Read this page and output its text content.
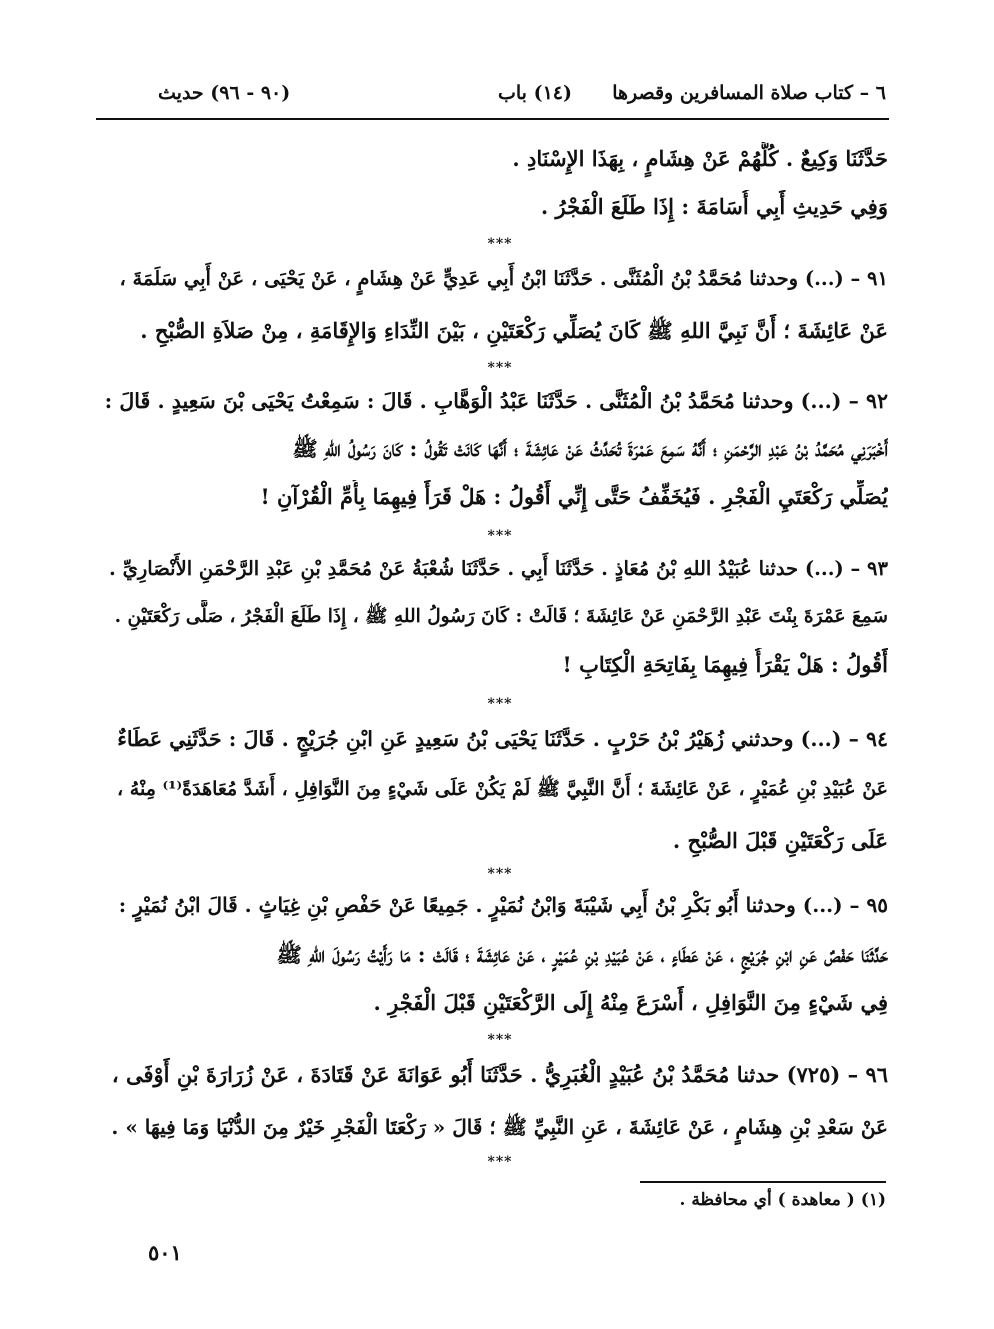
٦ – كتاب صلاة المسافرين وقصرها
(١٤) باب
(٩٠ - ٩٦) حديث
حَدَّثَنَا وَكِيعٌ . كُلُّهُمْ عَنْ هِشَامٍ ، بِهَذَا الإِسْنَادِ .
وَفِي حَدِيثِ أَبِي أُسَامَةَ : إِذَا طَلَعَ الْفَجْرُ .
***
٩١ – (...) وحدثنا مُحَمَّدُ بْنُ الْمُثَنَّى . حَدَّثَنَا ابْنُ أَبِي عَدِيٍّ عَنْ هِشَامٍ ، عَنْ يَحْيَى ، عَنْ أَبِي سَلَمَةَ ،
عَنْ عَائِشَةَ ؛ أَنَّ نَبِيَّ اللهِ ﷺ كَانَ يُصَلِّي رَكْعَتَيْنِ ، بَيْنَ النِّدَاءِ وَالإِقَامَةِ ، مِنْ صَلاَةِ الصُّبْحِ .
***
٩٢ – (...) وحدثنا مُحَمَّدُ بْنُ الْمُثَنَّى . حَدَّثَنَا عَبْدُ الْوَهَّابِ . قَالَ : سَمِعْتُ يَحْيَى بْنَ سَعِيدٍ . قَالَ :
أَخْبَرَنِي مُحَمَّدُ بْنُ عَبْدِ الرَّحْمَنِ ؛ أَنَّهُ سَمِعَ عَمْرَةَ تُحَدِّثُ عَنْ عَائِشَةَ ؛ أَنَّهَا كَانَتْ تَقُولُ : كَانَ رَسُولُ اللهِ ﷺ
يُصَلِّي رَكْعَتَيِ الْفَجْرِ . فَيُخَفِّفُ حَتَّى إِنِّي أَقُولُ : هَلْ قَرَأَ فِيهِمَا بِأُمِّ الْقُرْآنِ !
***
٩٣ – (...) حدثنا عُبَيْدُ اللهِ بْنُ مُعَاذٍ . حَدَّثَنَا أَبِي . حَدَّثَنَا شُعْبَةُ عَنْ مُحَمَّدِ بْنِ عَبْدِ الرَّحْمَنِ الأَنْصَارِيِّ .
سَمِعَ عَمْرَةَ بِنْتَ عَبْدِ الرَّحْمَنِ عَنْ عَائِشَةَ ؛ قَالَتْ : كَانَ رَسُولُ اللهِ ﷺ ، إِذَا طَلَعَ الْفَجْرُ ، صَلَّى رَكْعَتَيْنِ .
أَقُولُ : هَلْ يَقْرَأُ فِيهِمَا بِفَاتِحَةِ الْكِتَابِ !
***
٩٤ – (...) وحدثني زُهَيْرُ بْنُ حَرْبٍ . حَدَّثَنَا يَحْيَى بْنُ سَعِيدٍ عَنِ ابْنِ جُرَيْجٍ . قَالَ : حَدَّثَنِي عَطَاءٌ
عَنْ عُبَيْدِ بْنِ عُمَيْرٍ ، عَنْ عَائِشَةَ ؛ أَنَّ النَّبِيَّ ﷺ لَمْ يَكُنْ عَلَى شَيْءٍ مِنَ النَّوَافِلِ ، أَشَدَّ مُعَاهَدَةً⁽¹⁾ مِنْهُ ،
عَلَى رَكْعَتَيْنِ قَبْلَ الصُّبْحِ .
***
٩٥ – (...) وحدثنا أَبُو بَكْرِ بْنُ أَبِي شَيْبَةَ وَابْنُ نُمَيْرٍ . جَمِيعًا عَنْ حَفْصِ بْنِ غِيَاثٍ . قَالَ ابْنُ نُمَيْرٍ :
حَدَّثَنَا حَفْصٌ عَنِ ابْنِ جُرَيْجٍ ، عَنْ عَطَاءٍ ، عَنْ عُبَيْدِ بْنِ عُمَيْرٍ ، عَنْ عَائِشَةَ ؛ قَالَتْ : مَا رَأَيْتُ رَسُولَ اللهِ ﷺ
فِي شَيْءٍ مِنَ النَّوَافِلِ ، أَسْرَعَ مِنْهُ إِلَى الرَّكْعَتَيْنِ قَبْلَ الْفَجْرِ .
***
٩٦ – (٧٢٥) حدثنا مُحَمَّدُ بْنُ عُبَيْدٍ الْغُبَرِيُّ . حَدَّثَنَا أَبُو عَوَانَةَ عَنْ قَتَادَةَ ، عَنْ زُرَارَةَ بْنِ أَوْفَى ،
عَنْ سَعْدِ بْنِ هِشَامٍ ، عَنْ عَائِشَةَ ، عَنِ النَّبِيِّ ﷺ ؛ قَالَ « رَكْعَتَا الْفَجْرِ خَيْرٌ مِنَ الدُّنْيَا وَمَا فِيهَا » .
***
(١) ( معاهدة ) أي محافظة .
٥٠١
